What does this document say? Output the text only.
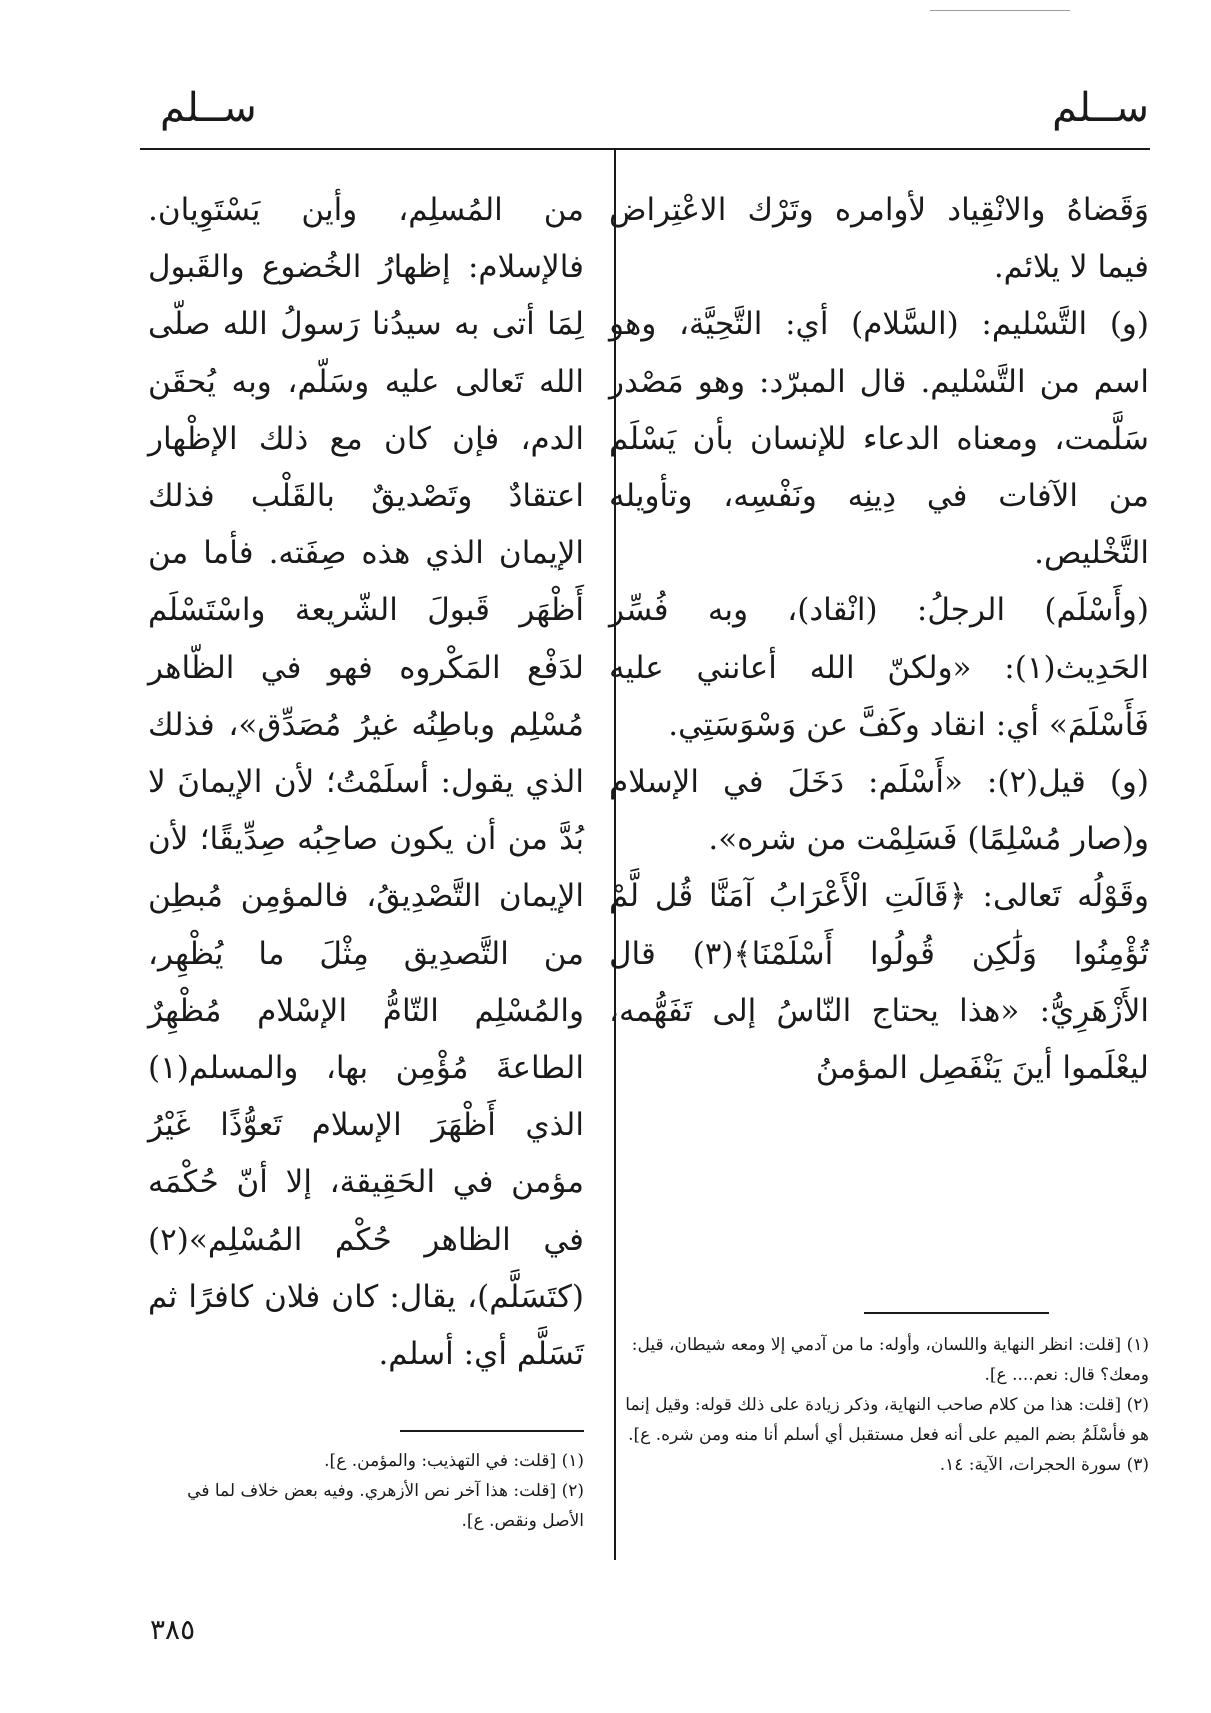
ســلم
ســلم

وَقَضاهُ والانْقِياد لأوامره وتَرْك الاعْتِراض فيما لا يلائم.

(و) التَّسْليم: (السَّلام) أي: التَّحِيَّة، وهو اسم من التَّسْليم. قال المبرّد: وهو مَصْدر سَلَّمت، ومعناه الدعاء للإنسان بأن يَسْلَم من الآفات في دِينِه ونَفْسِه، وتأويله التَّخْليص.

(وأَسْلَم) الرجلُ: (انْقاد)، وبه فُسِّر الحَدِيث(١): «ولكنّ الله أعانني عليه فَأَسْلَمَ» أي: انقاد وكَفَّ عن وَسْوَسَتِي.

(و) قيل(٢): «أَسْلَم: دَخَلَ في الإسلام و(صار مُسْلِمًا) فَسَلِمْت من شره».

وقَوْلُه تَعالى: ﴿قَالَتِ الْأَعْرَابُ آمَنَّا قُل لَّمْ تُؤْمِنُوا وَلَٰكِن قُولُوا أَسْلَمْنَا﴾(٣) قال الأَزْهَرِيُّ: «هذا يحتاج النّاسُ إلى تَفَهُّمه، ليعْلَموا أينَ يَنْفَصِل المؤمنُ

(١) [قلت: انظر النهاية واللسان، وأوله: ما من آدمي إلا ومعه شيطان، قيل: ومعك؟ قال: نعم.... ع].

(٢) [قلت: هذا من كلام صاحب النهاية، وذكر زيادة على ذلك قوله: وقيل إنما هو فأسْلَمُ بضم الميم على أنه فعل مستقبل أي أسلم أنا منه ومن شره. ع].

(٣) سورة الحجرات، الآية: ١٤.

من المُسلِم، وأين يَسْتَوِيان. فالإسلام: إظهارُ الخُضوع والقَبول لِمَا أتى به سيدُنا رَسولُ الله صلّى الله تَعالى عليه وسَلّم، وبه يُحقَن الدم، فإن كان مع ذلك الإظْهار اعتقادٌ وتَصْديقٌ بالقَلْب فذلك الإيمان الذي هذه صِفَته. فأما من أَظْهَر قَبولَ الشّريعة واسْتَسْلَم لدَفْع المَكْروه فهو في الظّاهر مُسْلِم وباطِنُه غيرُ مُصَدِّق»، فذلك الذي يقول: أسلَمْتُ؛ لأن الإيمانَ لا بُدَّ من أن يكون صاحِبُه صِدِّيقًا؛ لأن الإيمان التَّصْدِيقُ، فالمؤمِن مُبطِن من التَّصدِيق مِثْلَ ما يُظْهِر، والمُسْلِم التّامُّ الإسْلام مُظْهِرٌ الطاعةَ مُؤْمِن بها، والمسلم(١) الذي أَظْهَرَ الإسلام تَعوُّذًا غَيْرُ مؤمن في الحَقِيقة، إلا أنّ حُكْمَه في الظاهر حُكْم المُسْلِم»(٢) (كتَسَلَّم)، يقال: كان فلان كافرًا ثم تَسَلَّم أي: أسلم.

(١) [قلت: في التهذيب: والمؤمن. ع].

(٢) [قلت: هذا آخر نص الأزهري. وفيه بعض خلاف لما في الأصل ونقص. ع].

٣٨٥
